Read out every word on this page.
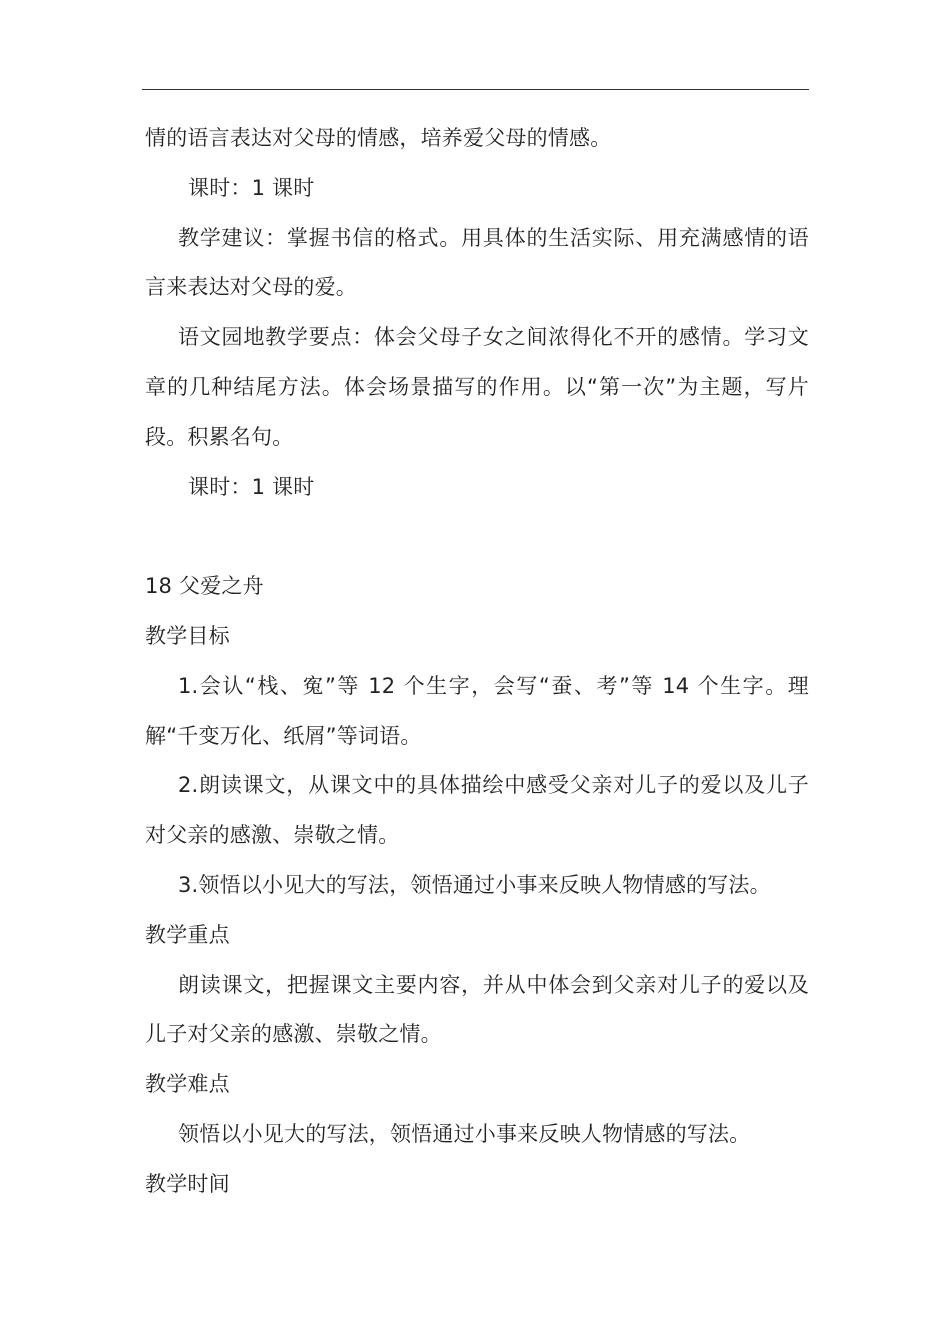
情的语言表达对父母的情感，培养爱父母的情感。

课时：1 课时

教学建议：掌握书信的格式。用具体的生活实际、用充满感情的语言来表达对父母的爱。

语文园地教学要点：体会父母子女之间浓得化不开的感情。学习文章的几种结尾方法。体会场景描写的作用。以“第一次”为主题，写片段。积累名句。

课时：1 课时

18 父爱之舟

教学目标

1.会认“栈、寃”等 12 个生字，会写“蚕、考”等 14 个生字。理解“千变万化、纸屑”等词语。

2.朗读课文，从课文中的具体描绘中感受父亲对儿子的爱以及儿子对父亲的感激、崇敬之情。

3.领悟以小见大的写法，领悟通过小事来反映人物情感的写法。

教学重点

朗读课文，把握课文主要内容，并从中体会到父亲对儿子的爱以及儿子对父亲的感激、崇敬之情。

教学难点

领悟以小见大的写法，领悟通过小事来反映人物情感的写法。

教学时间
